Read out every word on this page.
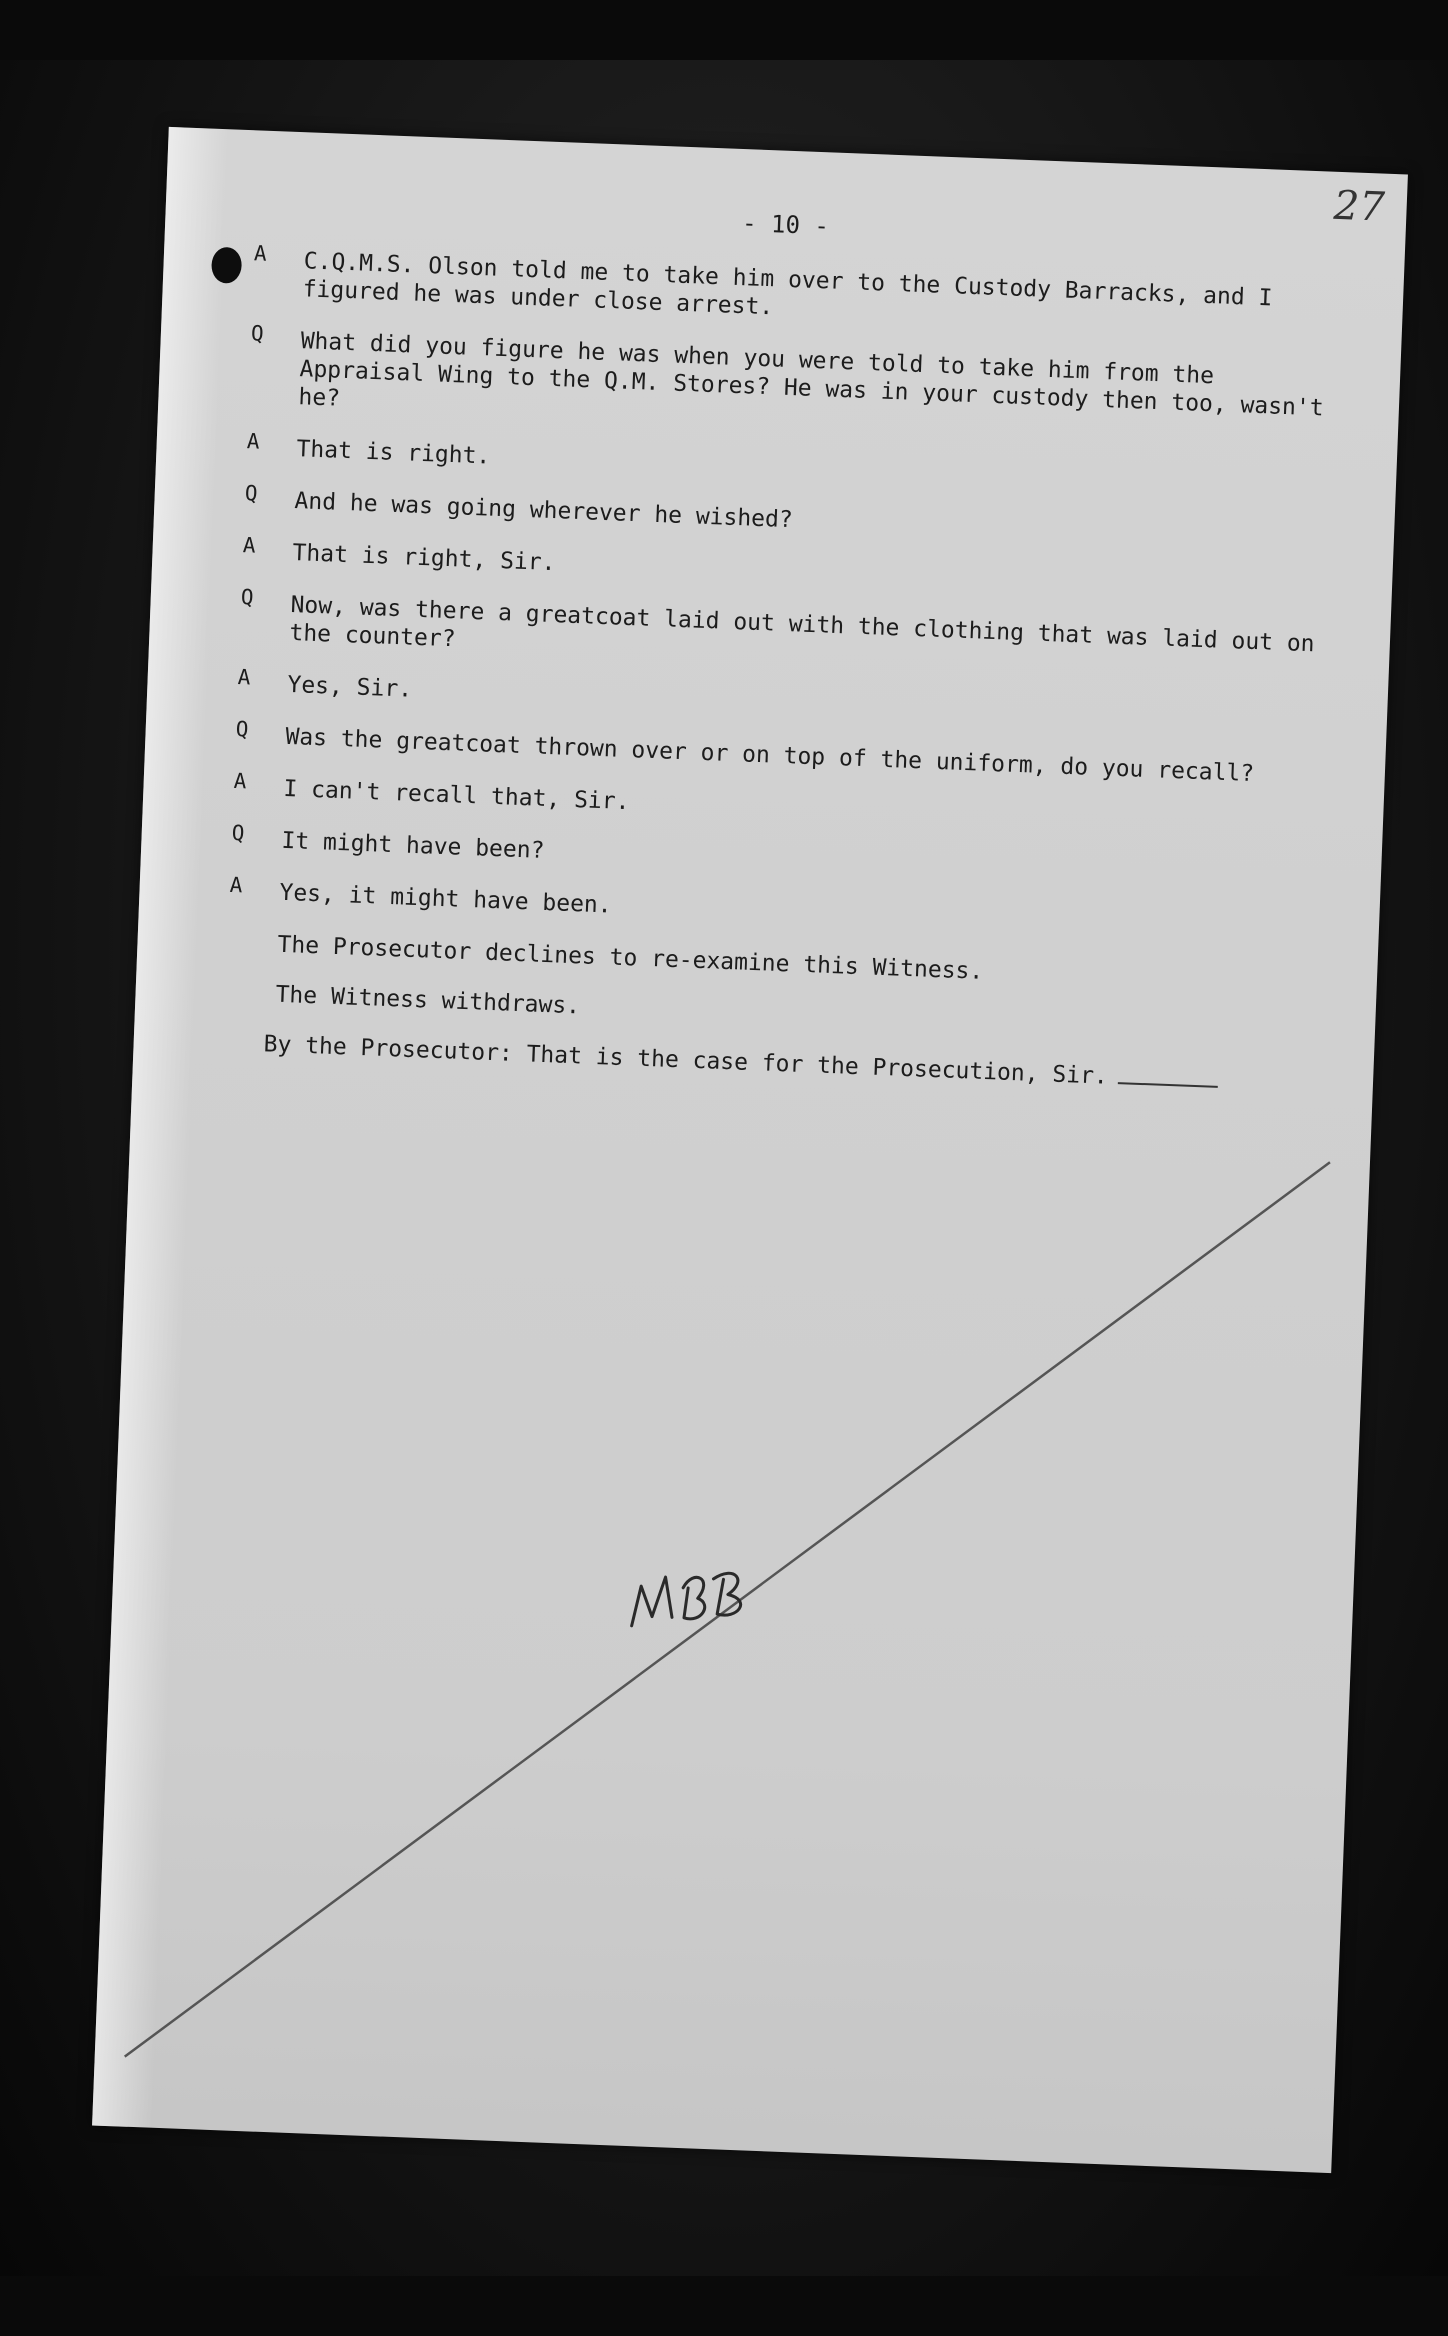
27
- 10 -
A C.Q.M.S. Olson told me to take him over to the Custody Barracks, and I figured he was under close arrest.
Q What did you figure he was when you were told to take him from the Appraisal Wing to the Q.M. Stores? He was in your custody then too, wasn't he?
A That is right.
Q And he was going wherever he wished?
A That is right, Sir.
Q Now, was there a greatcoat laid out with the clothing that was laid out on the counter?
A Yes, Sir.
Q Was the greatcoat thrown over or on top of the uniform, do you recall?
A I can't recall that, Sir.
Q It might have been?
A Yes, it might have been.
The Prosecutor declines to re-examine this Witness.
The Witness withdraws.
By the Prosecutor: That is the case for the Prosecution, Sir.
